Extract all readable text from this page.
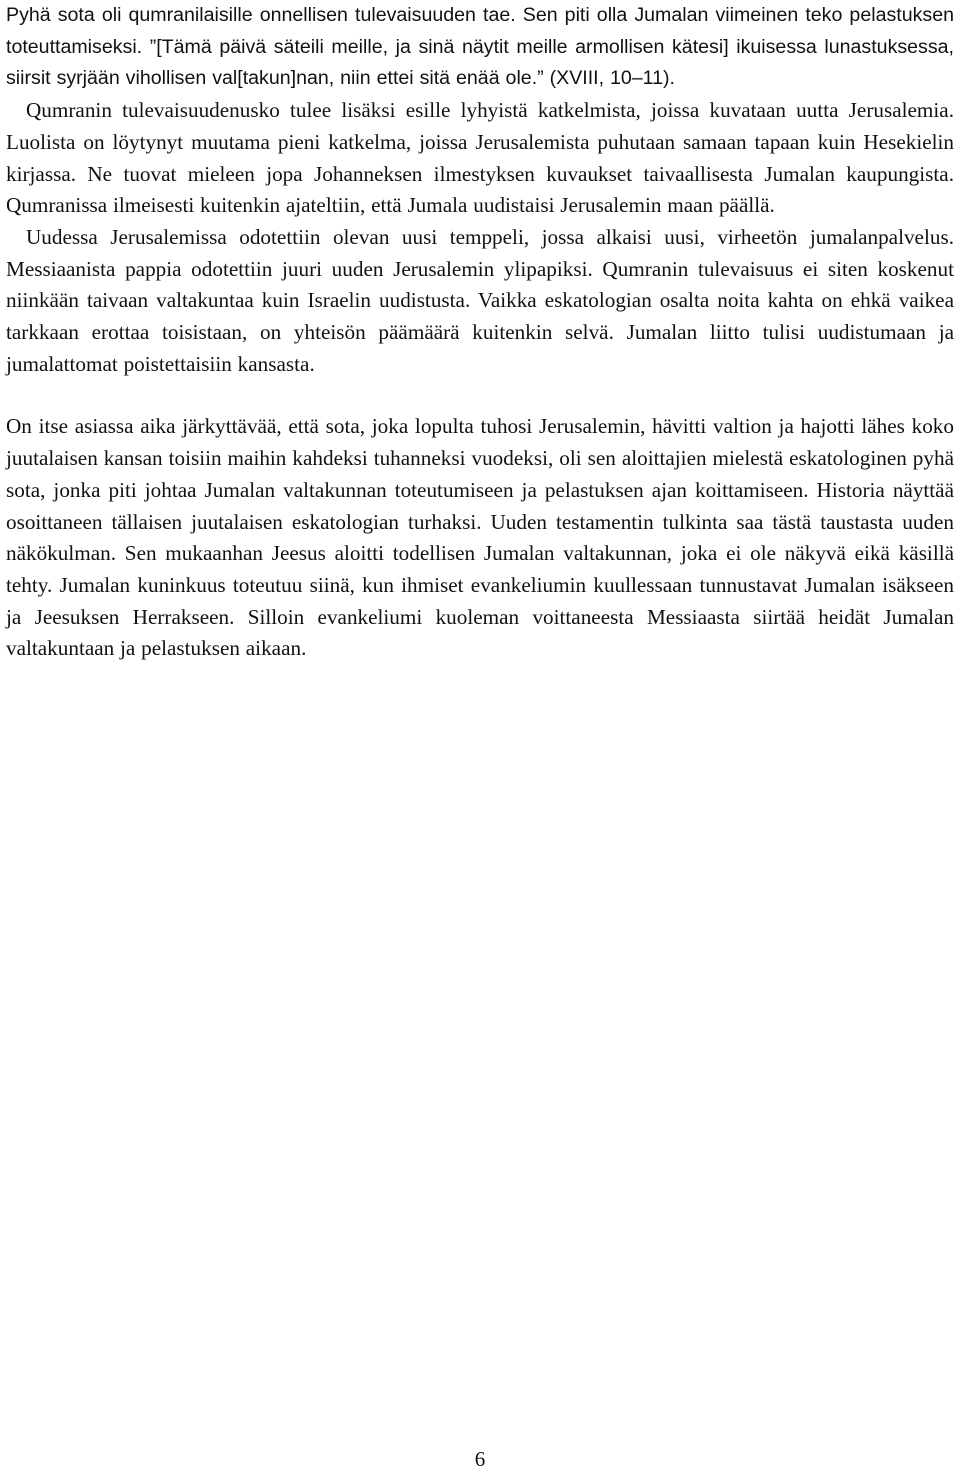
Pyhä sota oli qumranilaisille onnellisen tulevaisuuden tae. Sen piti olla Jumalan viimeinen teko pelastuksen toteuttamiseksi. ”[Tämä päivä säteili meille, ja sinä näytit meille armollisen kätesi] ikuisessa lunastuksessa, siirsit syrjään vihollisen val[takun]nan, niin ettei sitä enää ole.” (XVIII, 10–11).

Qumranin tulevaisuudenusko tulee lisäksi esille lyhyistä katkelmista, joissa kuvataan uutta Jerusalemia. Luolista on löytynyt muutama pieni katkelma, joissa Jerusalemista puhutaan samaan tapaan kuin Hesekielin kirjassa. Ne tuovat mieleen jopa Johanneksen ilmestyksen kuvaukset taivaallisesta Jumalan kaupungista. Qumranissa ilmeisesti kuitenkin ajateltiin, että Jumala uudistaisi Jerusalemin maan päällä.

Uudessa Jerusalemissa odotettiin olevan uusi temppeli, jossa alkaisi uusi, virheetön jumalanpalvelus. Messiaanista pappia odotettiin juuri uuden Jerusalemin ylipapiksi. Qumranin tulevaisuus ei siten koskenut niinkään taivaan valtakuntaa kuin Israelin uudistusta. Vaikka eskatologian osalta noita kahta on ehkä vaikea tarkkaan erottaa toisistaan, on yhteisön päämäärä kuitenkin selvä. Jumalan liitto tulisi uudistumaan ja jumalattomat poistettaisiin kansasta.

On itse asiassa aika järkyttävää, että sota, joka lopulta tuhosi Jerusalemin, hävitti valtion ja hajotti lähes koko juutalaisen kansan toisiin maihin kahdeksi tuhanneksi vuodeksi, oli sen aloittajien mielestä eskatologinen pyhä sota, jonka piti johtaa Jumalan valtakunnan toteutumiseen ja pelastuksen ajan koittamiseen. Historia näyttää osoittaneen tällaisen juutalaisen eskatologian turhaksi. Uuden testamentin tulkinta saa tästä taustasta uuden näkökulman. Sen mukaanhan Jeesus aloitti todellisen Jumalan valtakunnan, joka ei ole näkyvä eikä käsillä tehty. Jumalan kuninkuus toteutuu siinä, kun ihmiset evankeliumin kuullessaan tunnustavat Jumalan isäkseen ja Jeesuksen Herrakseen. Silloin evankeliumi kuoleman voittaneesta Messiaasta siirtää heidät Jumalan valtakuntaan ja pelastuksen aikaan.

6
